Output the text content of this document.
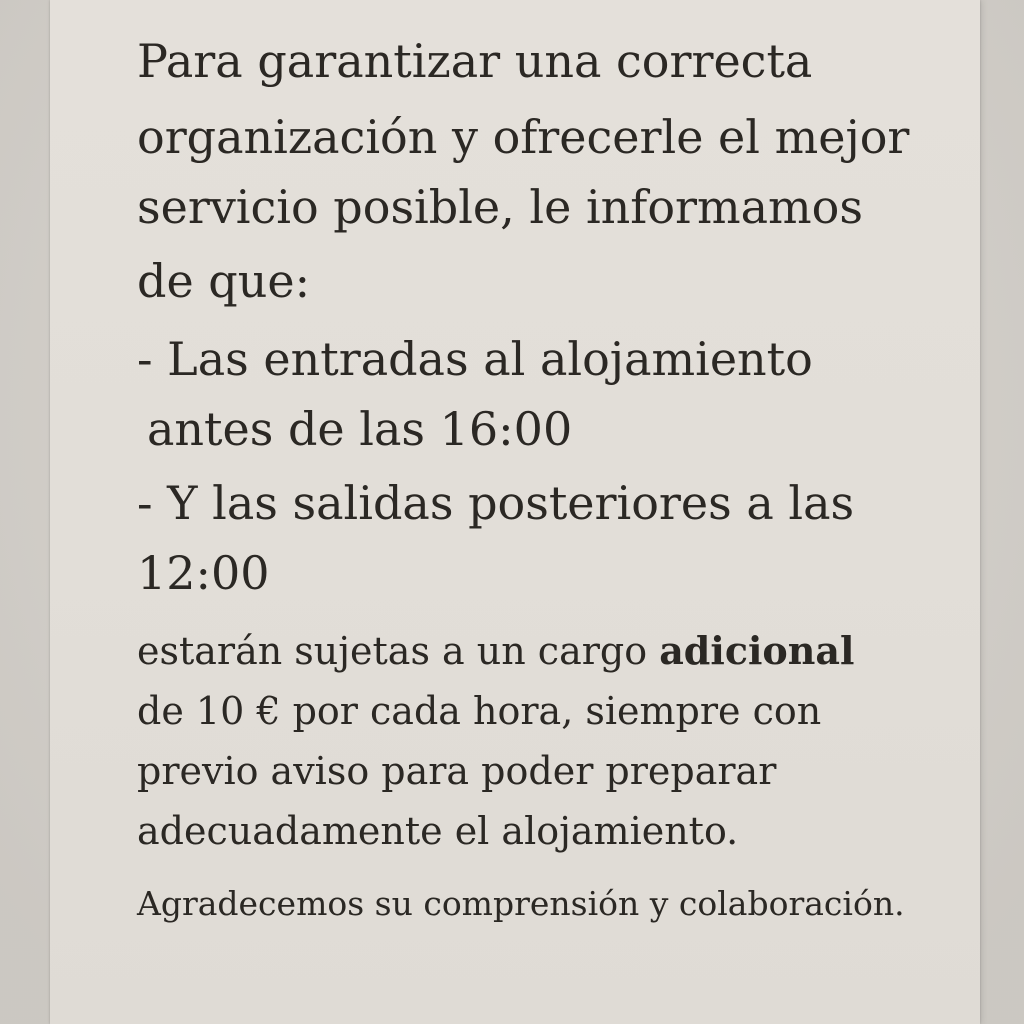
Para garantizar una correcta
organización y ofrecerle el mejor
servicio posible, le informamos
de que:
- Las entradas al alojamiento
antes de las 16:00
- Y las salidas posteriores a las
12:00
estarán sujetas a un cargo adicional
de 10 € por cada hora, siempre con
previo aviso para poder preparar
adecuadamente el alojamiento.
Agradecemos su comprensión y colaboración.
